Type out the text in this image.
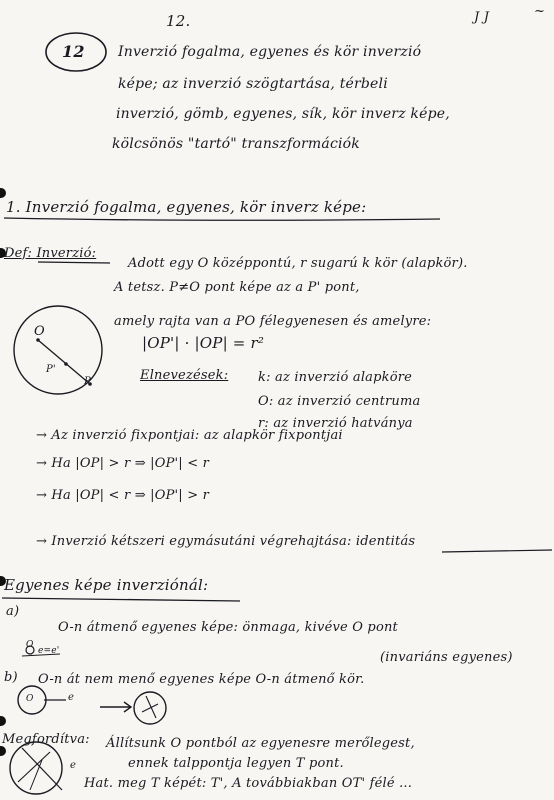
12.	J J	~
12 Inverzió fogalma, egyenes és kör inverzió
képe; az inverzió szögtartása, térbeli
inverzió, gömb, egyenes, sík, kör inverz képe,
kölcsönös "tartó" transzformációk
1. Inverzió fogalma, egyenes, kör inverz képe:
Def: Inverzió:
Adott egy O középpontú, r sugarú k kör (alapkör).
A tetsz. P≠O pont képe az a P' pont,
amely rajta van a PO félegyenesen és amelyre:
|OP'| · |OP| = r²
O
P'
P	Elnevezések: k: az inverzió alapköre
O: az inverzió centruma
r: az inverzió hatványa
→ Az inverzió fixpontjai: az alapkör fixpontjai
→ Ha |OP| > r ⇒ |OP'| < r
→ Ha |OP| < r ⇒ |OP'| > r
→ Inverzió kétszeri egymásutáni végrehajtása: identitás
Egyenes képe inverziónál:
a)
O-n átmenő egyenes képe: önmaga, kivéve O pont
(invariáns egyenes)
O
e=e'
b) O-n át nem menő egyenes képe O-n átmenő kör.
O	e
Megfordítva: Állítsunk O pontból az egyenesre merőlegest,
ennek talppontja legyen T pont.
Hat. meg T képét: T', A továbbiakban OT' félé ...
e
